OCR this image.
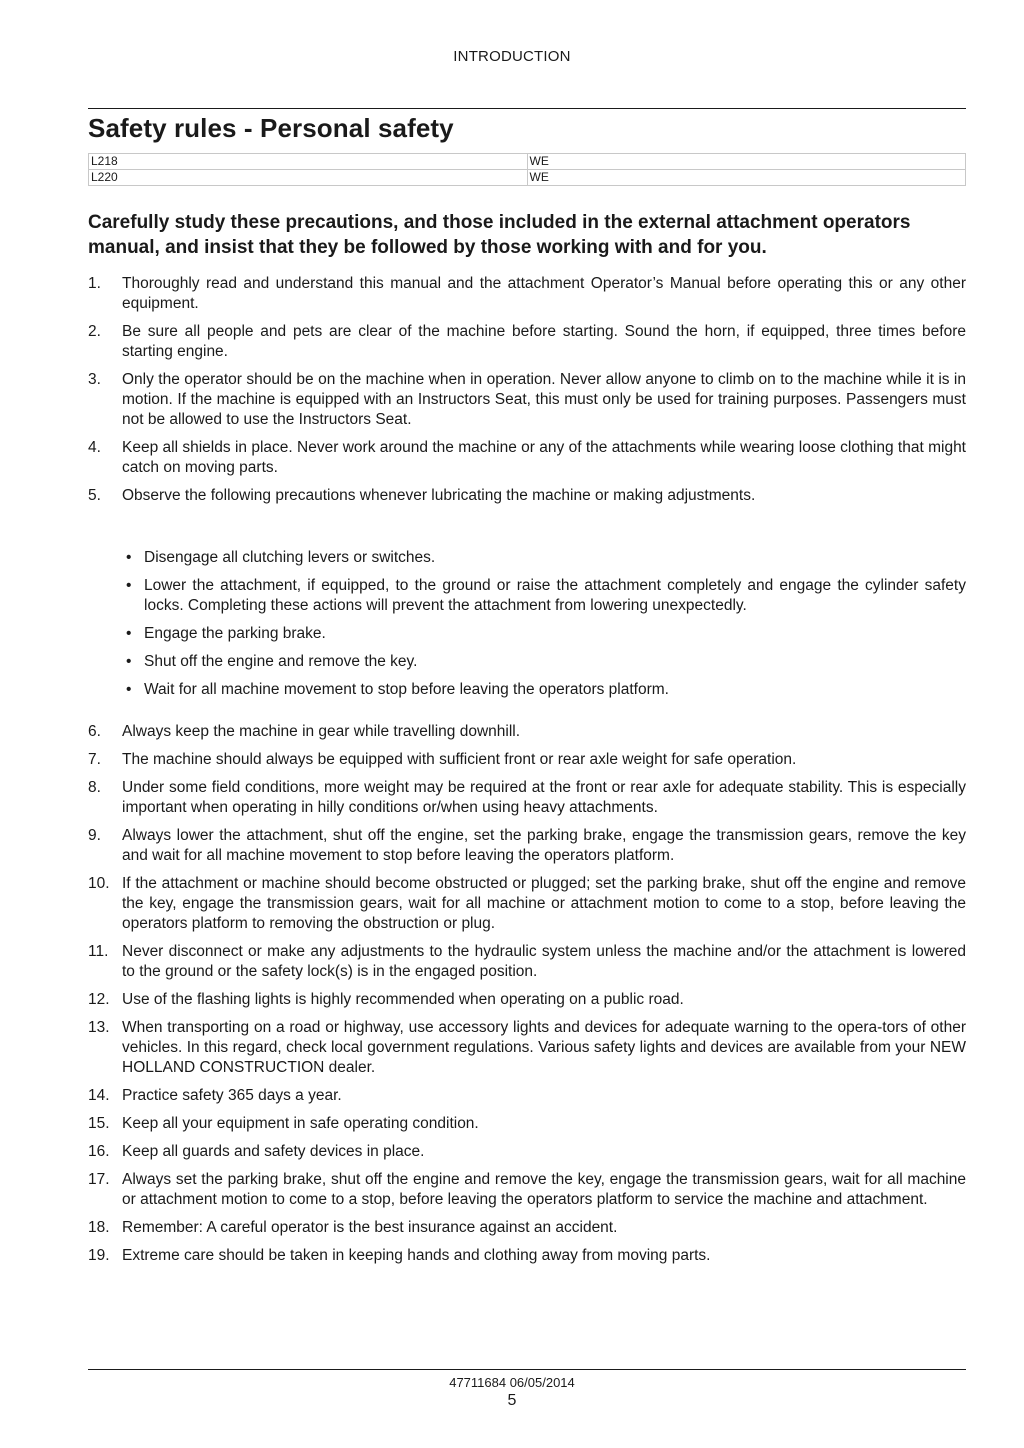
INTRODUCTION
Safety rules - Personal safety
L218	WE
L220	WE

Carefully study these precautions, and those included in the external attachment operators manual, and insist that they be followed by those working with and for you.

1.	Thoroughly read and understand this manual and the attachment Operator’s Manual before operating this or any other equipment.
2.	Be sure all people and pets are clear of the machine before starting. Sound the horn, if equipped, three times before starting engine.
3.	Only the operator should be on the machine when in operation. Never allow anyone to climb on to the machine while it is in motion. If the machine is equipped with an Instructors Seat, this must only be used for training purposes. Passengers must not be allowed to use the Instructors Seat.
4.	Keep all shields in place. Never work around the machine or any of the attachments while wearing loose clothing that might catch on moving parts.
5.	Observe the following precautions whenever lubricating the machine or making adjustments.
• Disengage all clutching levers or switches.
• Lower the attachment, if equipped, to the ground or raise the attachment completely and engage the cylinder safety locks. Completing these actions will prevent the attachment from lowering unexpectedly.
• Engage the parking brake.
• Shut off the engine and remove the key.
• Wait for all machine movement to stop before leaving the operators platform.
6.	Always keep the machine in gear while travelling downhill.
7.	The machine should always be equipped with sufficient front or rear axle weight for safe operation.
8.	Under some field conditions, more weight may be required at the front or rear axle for adequate stability. This is especially important when operating in hilly conditions or/when using heavy attachments.
9.	Always lower the attachment, shut off the engine, set the parking brake, engage the transmission gears, remove the key and wait for all machine movement to stop before leaving the operators platform.
10. If the attachment or machine should become obstructed or plugged; set the parking brake, shut off the engine and remove the key, engage the transmission gears, wait for all machine or attachment motion to come to a stop, before leaving the operators platform to removing the obstruction or plug.
11. Never disconnect or make any adjustments to the hydraulic system unless the machine and/or the attachment is lowered to the ground or the safety lock(s) is in the engaged position.
12. Use of the flashing lights is highly recommended when operating on a public road.
13. When transporting on a road or highway, use accessory lights and devices for adequate warning to the opera-tors of other vehicles. In this regard, check local government regulations. Various safety lights and devices are available from your NEW HOLLAND CONSTRUCTION dealer.
14. Practice safety 365 days a year.
15. Keep all your equipment in safe operating condition.
16. Keep all guards and safety devices in place.
17. Always set the parking brake, shut off the engine and remove the key, engage the transmission gears, wait for all machine or attachment motion to come to a stop, before leaving the operators platform to service the machine and attachment.
18. Remember: A careful operator is the best insurance against an accident.
19. Extreme care should be taken in keeping hands and clothing away from moving parts.
47711684 06/05/2014
5
